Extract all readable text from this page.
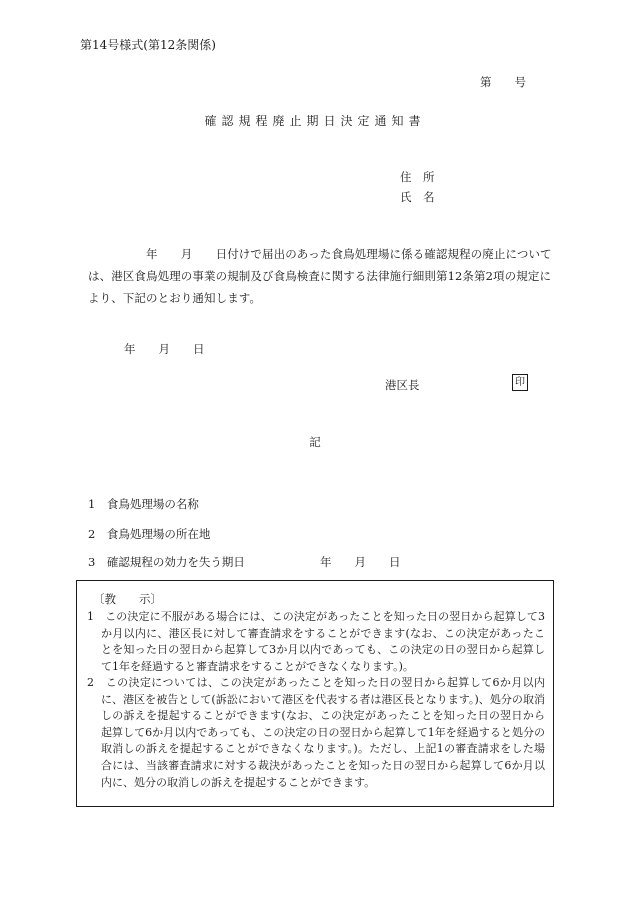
第14号様式(第12条関係)
第　　号
確認規程廃止期日決定通知書
住　所
氏　名
　　　　　年　　月　　日付けで届出のあった食鳥処理場に係る確認規程の廃止については、港区食鳥処理の事業の規制及び食鳥検査に関する法律施行細則第12条第2項の規定により、下記のとおり通知します。
年　　月　　日
港区長	印
記
1　 食鳥処理場の名称
2　 食鳥処理場の所在地
3　 確認規程の効力を失う期日	年　　月　　日
〔教　　示〕
1　この決定に不服がある場合には、この決定があったことを知った日の翌日から起算して3か月以内に、港区長に対して審査請求をすることができます(なお、この決定があったことを知った日の翌日から起算して3か月以内であっても、この決定の日の翌日から起算して1年を経過すると審査請求をすることができなくなります。)。
2　この決定については、この決定があったことを知った日の翌日から起算して6か月以内に、港区を被告として(訴訟において港区を代表する者は港区長となります。)、処分の取消しの訴えを提起することができます(なお、この決定があったことを知った日の翌日から起算して6か月以内であっても、この決定の日の翌日から起算して1年を経過すると処分の取消しの訴えを提起することができなくなります。)。ただし、上記1の審査請求をした場合には、当該審査請求に対する裁決があったことを知った日の翌日から起算して6か月以内に、処分の取消しの訴えを提起することができます。
